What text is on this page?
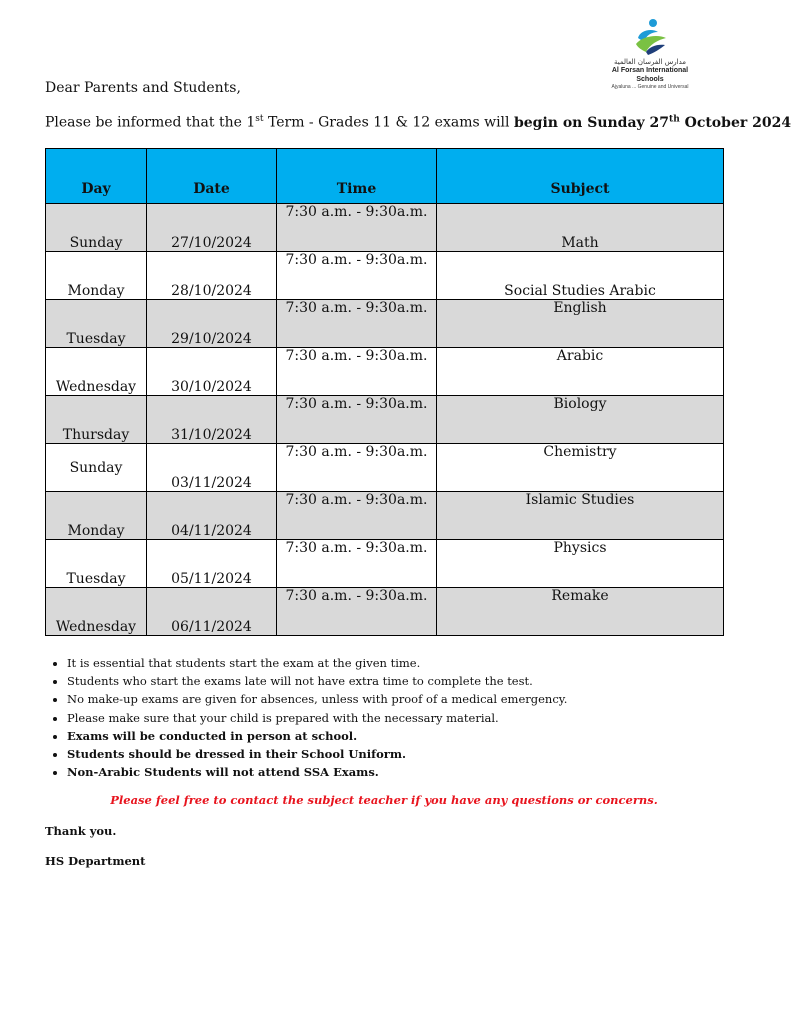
مدارس الفرسان العالمية
Al Forsan International Schools
Ajyaluna ... Genuine and Universal
Dear Parents and Students,
Please be informed that the 1st Term - Grades 11 & 12 exams will begin on Sunday 27th October 2024
Day	Date	Time	Subject
Sunday	27/10/2024	7:30 a.m. - 9:30a.m.	Math
Monday	28/10/2024	7:30 a.m. - 9:30a.m.	Social Studies Arabic
Tuesday	29/10/2024	7:30 a.m. - 9:30a.m.	English
Wednesday	30/10/2024	7:30 a.m. - 9:30a.m.	Arabic
Thursday	31/10/2024	7:30 a.m. - 9:30a.m.	Biology
Sunday	03/11/2024	7:30 a.m. - 9:30a.m.	Chemistry
Monday	04/11/2024	7:30 a.m. - 9:30a.m.	Islamic Studies
Tuesday	05/11/2024	7:30 a.m. - 9:30a.m.	Physics
Wednesday	06/11/2024	7:30 a.m. - 9:30a.m.	Remake
• It is essential that students start the exam at the given time.
• Students who start the exams late will not have extra time to complete the test.
• No make-up exams are given for absences, unless with proof of a medical emergency.
• Please make sure that your child is prepared with the necessary material.
• Exams will be conducted in person at school.
• Students should be dressed in their School Uniform.
• Non-Arabic Students will not attend SSA Exams.
Please feel free to contact the subject teacher if you have any questions or concerns.
Thank you.
HS Department
